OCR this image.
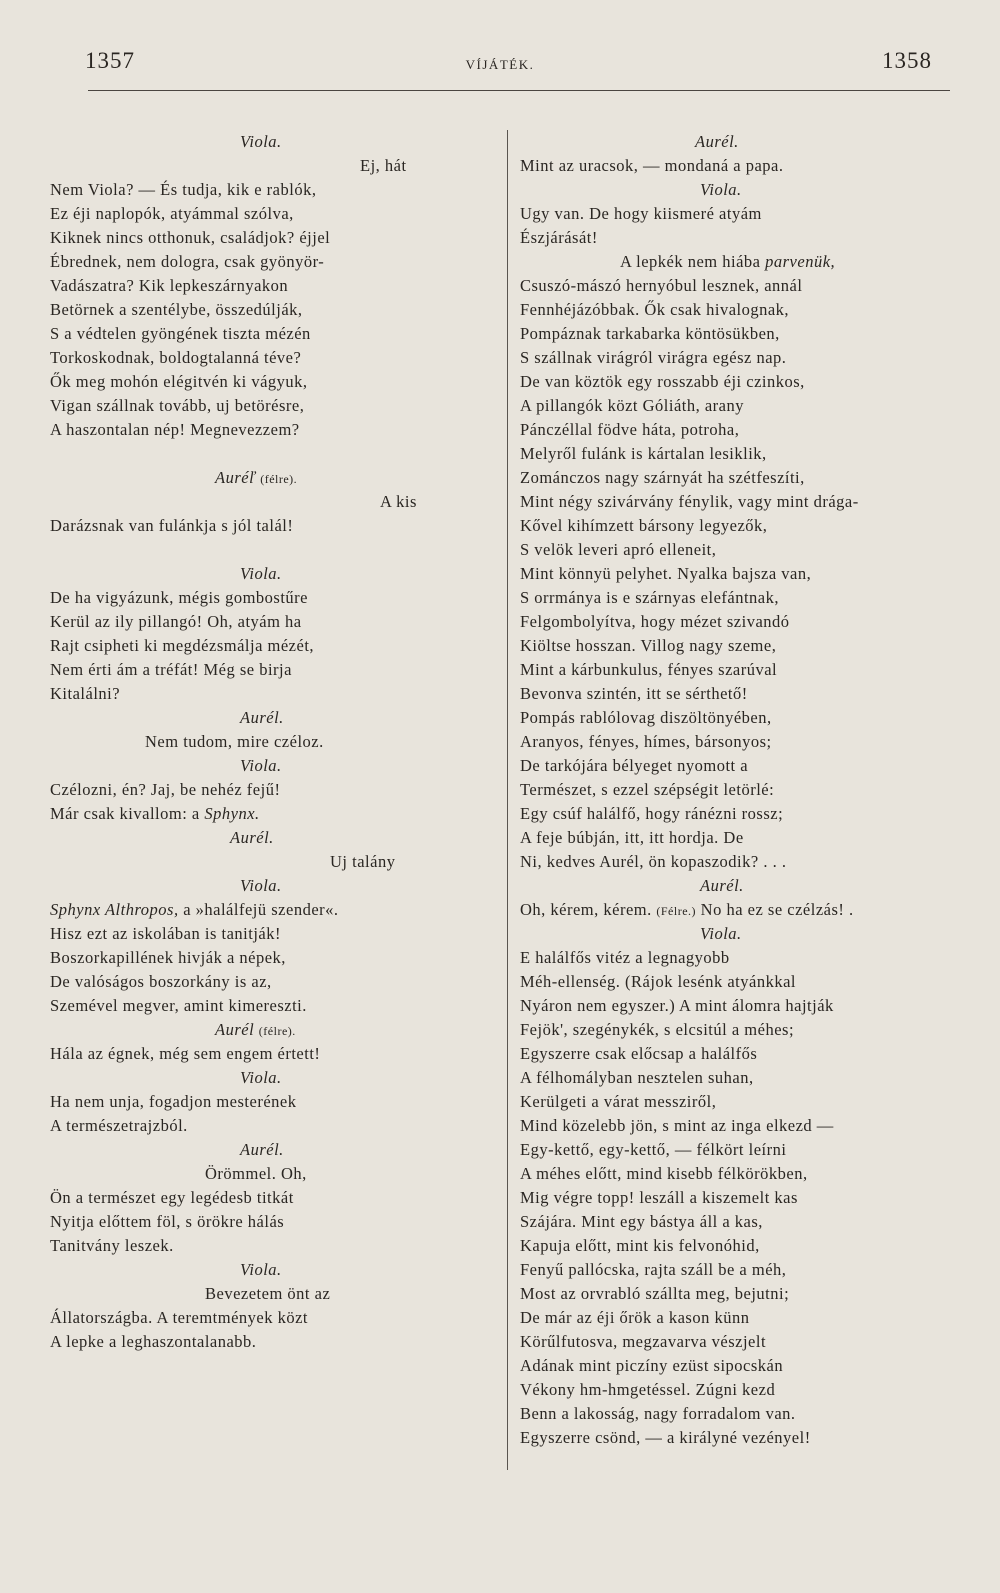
1357	VÍJÁTÉK.	1358
Viola.
Ej, hát
Nem Viola? — És tudja, kik e rablók,
Ez éji naplopók, atyámmal szólva,
Kiknek nincs otthonuk, családjok? éjjel
Ébrednek, nem dologra, csak gyönyör-
Vadászatra? Kik lepkeszárnyakon
Betörnek a szentélybe, összedúlják,
S a védtelen gyöngének tiszta mézén
Torkoskodnak, boldogtalanná téve?
Ők meg mohón elégitvén ki vágyuk,
Vigan szállnak tovább, uj betörésre,
A haszontalan nép! Megnevezzem?
Auréľ (félre).
A kis
Darázsnak van fulánkja s jól talál!
Viola.
De ha vigyázunk, mégis gombostűre
Kerül az ily pillangó! Oh, atyám ha
Rajt csipheti ki megdézsmálja mézét,
Nem érti ám a tréfát! Még se birja
Kitalálni?
Aurél.
Nem tudom, mire czéloz.
Viola.
Czélozni, én? Jaj, be nehéz fejű!
Már csak kivallom: a Sphynx.
Aurél.
Uj talány
Viola.
Sphynx Althropos, a »halálfejü szender«.
Hisz ezt az iskolában is tanitják!
Boszorkapillének hivják a népek,
De valóságos boszorkány is az,
Szemével megver, amint kimereszti.
Aurél (félre).
Hála az égnek, még sem engem értett!
Viola.
Ha nem unja, fogadjon mesterének
A természetrajzból.
Aurél.
Örömmel. Oh,
Ön a természet egy legédesb titkát
Nyitja előttem föl, s örökre hálás
Tanitvány leszek.
Viola.
Bevezetem önt az
Állatországba. A teremtmények közt
A lepke a leghaszontalanabb.
Aurél.
Mint az uracsok, — mondaná a papa.
Viola.
Ugy van. De hogy kiismeré atyám
Észjárását!
A lepkék nem hiába parvenük,
Csuszó-mászó hernyóbul lesznek, annál
Fennhéjázóbbak. Ők csak hivalognak,
Pompáznak tarkabarka köntösükben,
S szállnak virágról virágra egész nap.
De van köztök egy rosszabb éji czinkos,
A pillangók közt Góliáth, arany
Pánczéllal födve háta, potroha,
Melyről fulánk is kártalan lesiklik,
Zománczos nagy szárnyát ha szétfeszíti,
Mint négy szivárvány fénylik, vagy mint drága-
Kővel kihímzett bársony legyezők,
S velök leveri apró elleneit,
Mint könnyü pelyhet. Nyalka bajsza van,
S orrmánya is e szárnyas elefántnak,
Felgombolyítva, hogy mézet szivandó
Kiöltse hosszan. Villog nagy szeme,
Mint a kárbunkulus, fényes szarúval
Bevonva szintén, itt se sérthető!
Pompás rablólovag diszöltönyében,
Aranyos, fényes, hímes, bársonyos;
De tarkójára bélyeget nyomott a
Természet, s ezzel szépségit letörlé:
Egy csúf halálfő, hogy ránézni rossz;
A feje búbján, itt, itt hordja. De
Ni, kedves Aurél, ön kopaszodik? . . .
Aurél.
Oh, kérem, kérem. (Félre.) No ha ez se czélzás! .
Viola.
E halálfős vitéz a legnagyobb
Méh-ellenség. (Rájok lesénk atyánkkal
Nyáron nem egyszer.) A mint álomra hajtják
Fejök', szegénykék, s elcsitúl a méhes;
Egyszerre csak előcsap a halálfős
A félhomályban nesztelen suhan,
Kerülgeti a várat messziről,
Mind közelebb jön, s mint az inga elkezd —
Egy-kettő, egy-kettő, — félkört leírni
A méhes előtt, mind kisebb félkörökben,
Mig végre topp! leszáll a kiszemelt kas
Szájára. Mint egy bástya áll a kas,
Kapuja előtt, mint kis felvonóhid,
Fenyű pallócska, rajta száll be a méh,
Most az orvrabló szállta meg, bejutni;
De már az éji őrök a kason künn
Körűlfutosva, megzavarva vészjelt
Adának mint piczíny ezüst sipocskán
Vékony hm-hmgetéssel. Zúgni kezd
Benn a lakosság, nagy forradalom van.
Egyszerre csönd, — a királyné vezényel!
